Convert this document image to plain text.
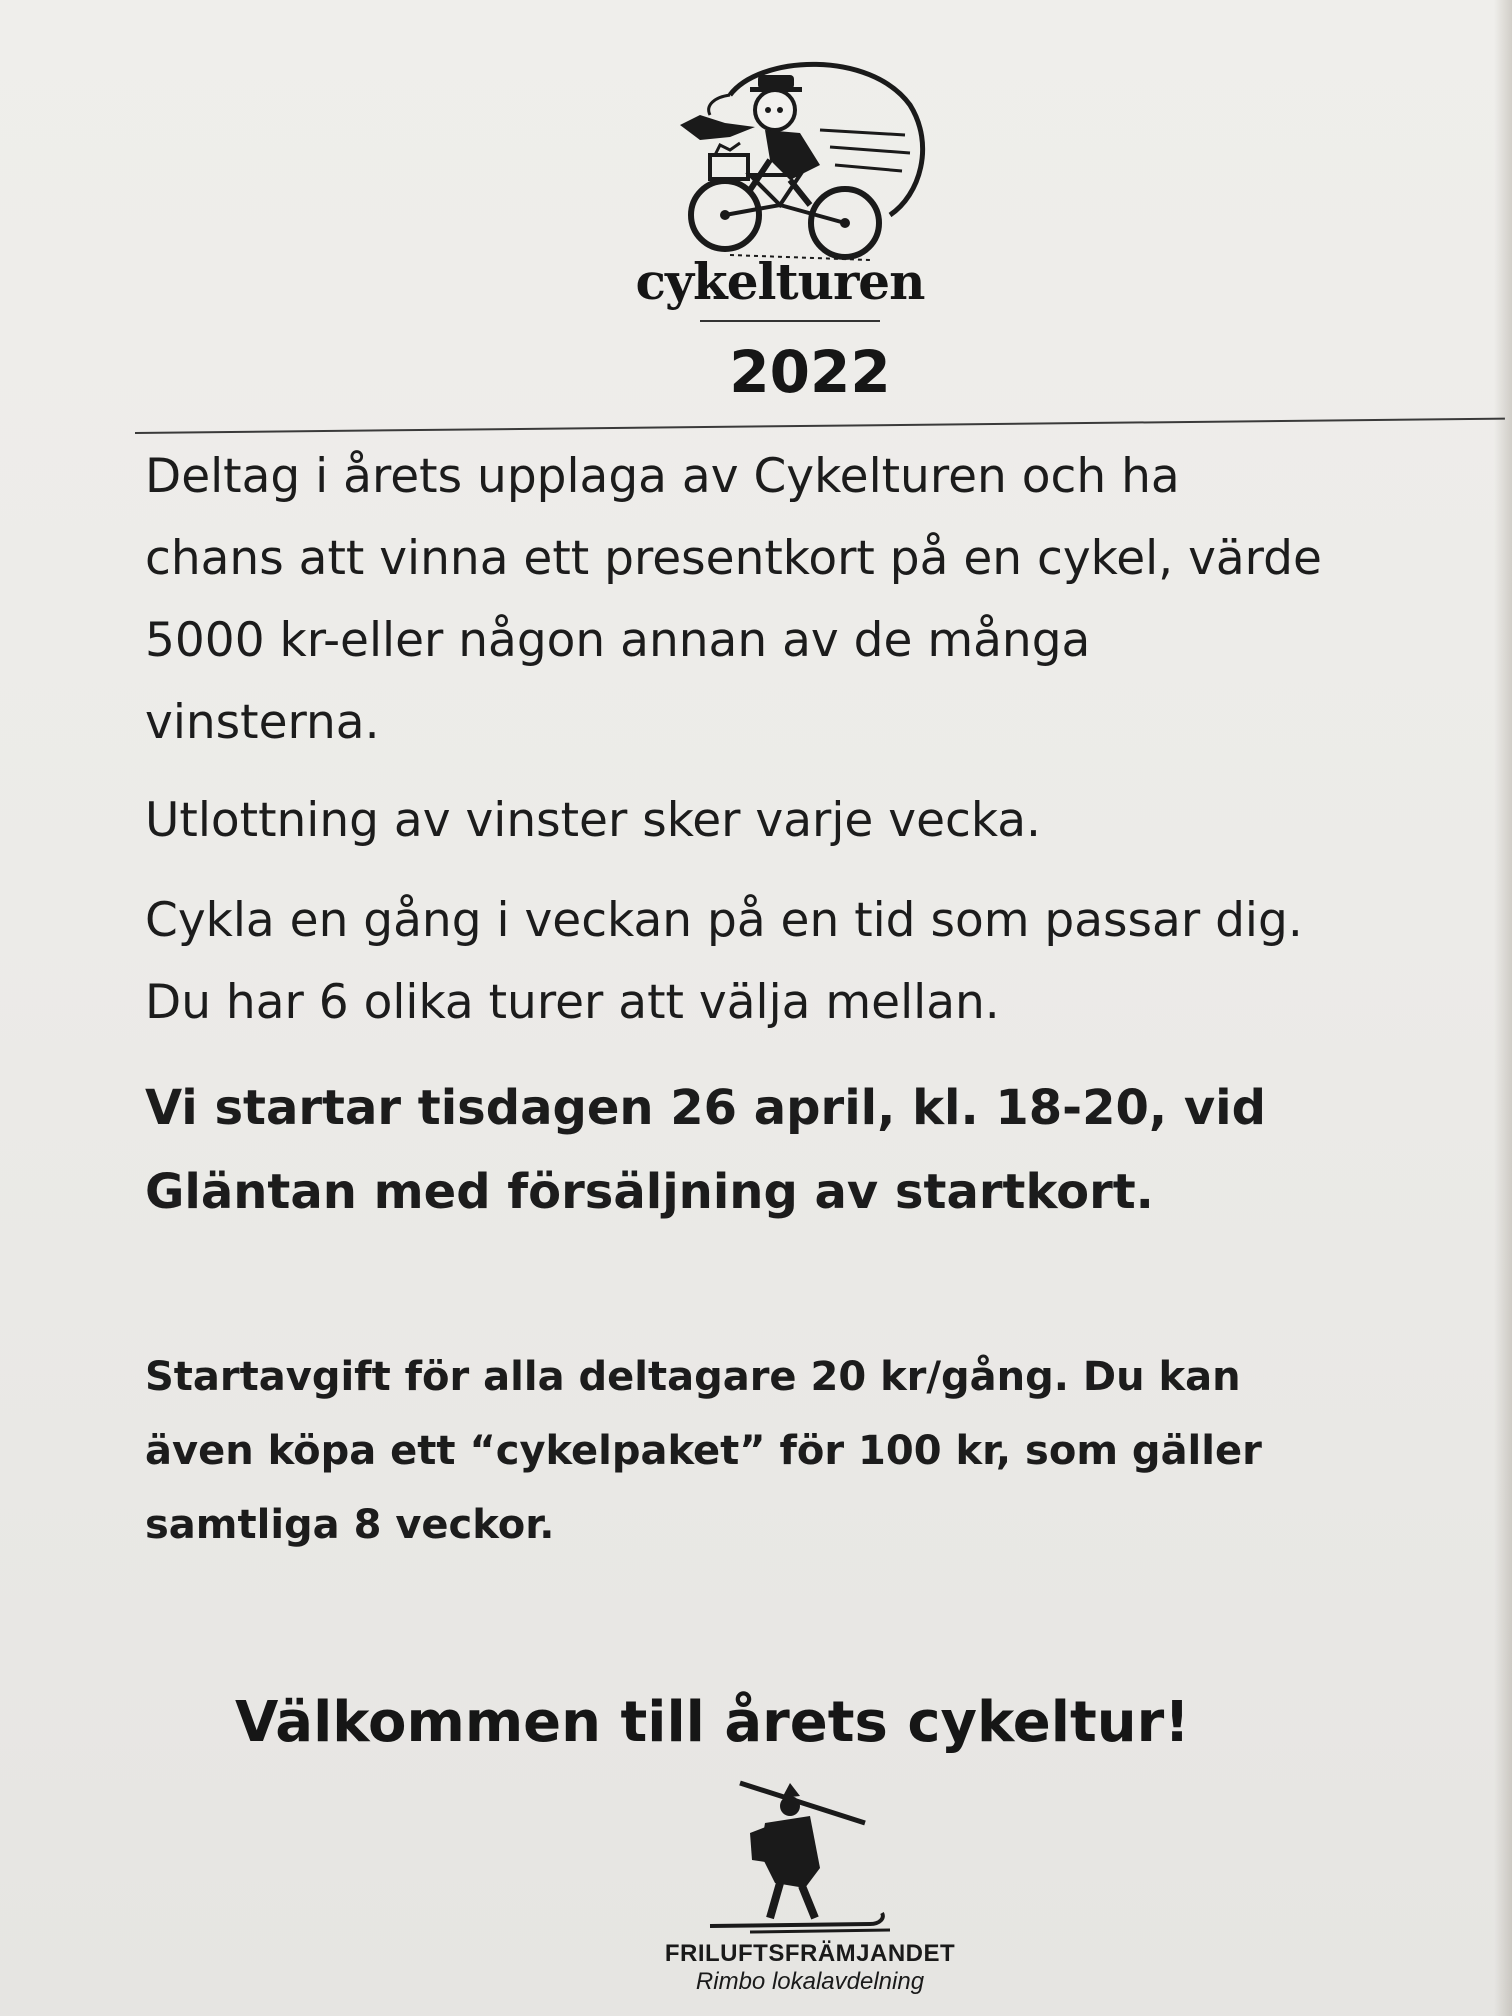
cykelturen
2022

Deltag i årets upplaga av Cykelturen och ha chans att vinna ett presentkort på en cykel, värde 5000 kr-eller någon annan av de många vinsterna.

Utlottning av vinster sker varje vecka.

Cykla en gång i veckan på en tid som passar dig. Du har 6 olika turer att välja mellan.

Vi startar tisdagen 26 april, kl. 18-20, vid Gläntan med försäljning av startkort.

Startavgift för alla deltagare 20 kr/gång. Du kan även köpa ett “cykelpaket” för 100 kr, som gäller samtliga 8 veckor.

Välkommen till årets cykeltur!
FRILUFTSFRÄMJANDET
Rimbo lokalavdelning
